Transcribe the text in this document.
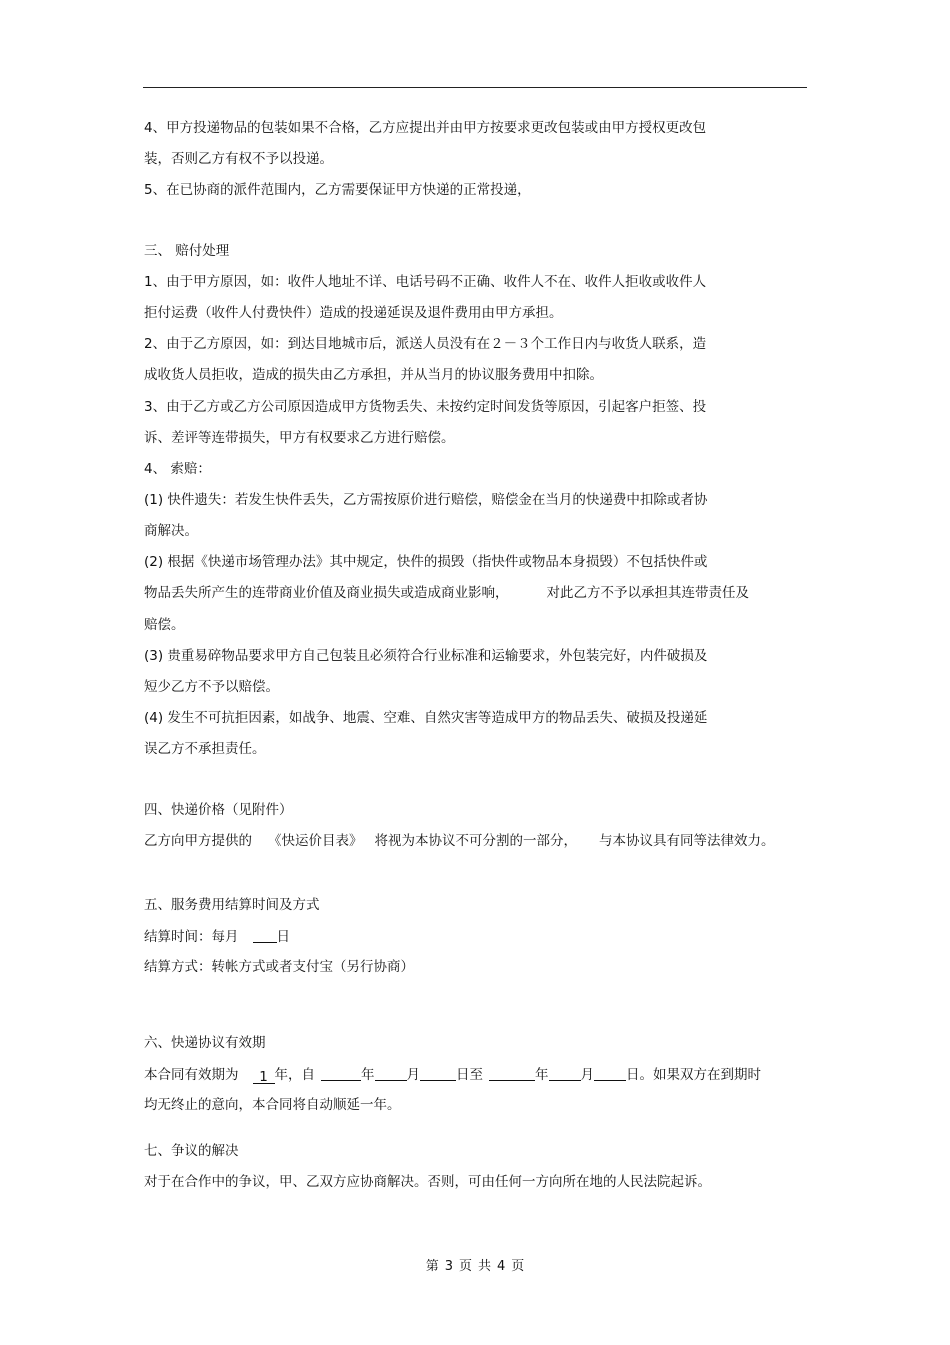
4、甲方投递物品的包装如果不合格，乙方应提出并由甲方按要求更改包装或由甲方授权更改包
装，否则乙方有权不予以投递。
5、在已协商的派件范围内，乙方需要保证甲方快递的正常投递，
三、 赔付处理
1、由于甲方原因，如：收件人地址不详、电话号码不正确、收件人不在、收件人拒收或收件人
拒付运费（收件人付费快件）造成的投递延误及退件费用由甲方承担。
2、由于乙方原因，如：到达目地城市后，派送人员没有在２－３个工作日内与收货人联系，造
成收货人员拒收，造成的损失由乙方承担，并从当月的协议服务费用中扣除。
3、由于乙方或乙方公司原因造成甲方货物丢失、未按约定时间发货等原因，引起客户拒签、投
诉、差评等连带损失，甲方有权要求乙方进行赔偿。
4、 索赔：
(1) 快件遗失：若发生快件丢失，乙方需按原价进行赔偿，赔偿金在当月的快递费中扣除或者协
商解决。
(2) 根据《快递市场管理办法》其中规定，快件的损毁（指快件或物品本身损毁）不包括快件或
物品丢失所产生的连带商业价值及商业损失或造成商业影响，	对此乙方不予以承担其连带责任及
赔偿。
(3) 贵重易碎物品要求甲方自己包装且必须符合行业标准和运输要求，外包装完好，内件破损及
短少乙方不予以赔偿。
(4) 发生不可抗拒因素，如战争、地震、空难、自然灾害等造成甲方的物品丢失、破损及投递延
误乙方不承担责任。
四、快递价格（见附件）
乙方向甲方提供的 《快运价目表》 将视为本协议不可分割的一部分， 与本协议具有同等法律效力。
五、服务费用结算时间及方式
结算时间：每月	日
结算方式：转帐方式或者支付宝（另行协商）
六、快递协议有效期
本合同有效期为 1 年，自	年 月	日至	年 月 日。如果双方在到期时
均无终止的意向，本合同将自动顺延一年。
七、争议的解决
对于在合作中的争议，甲、乙双方应协商解决。否则，可由任何一方向所在地的人民法院起诉。
第 3 页 共 4 页
